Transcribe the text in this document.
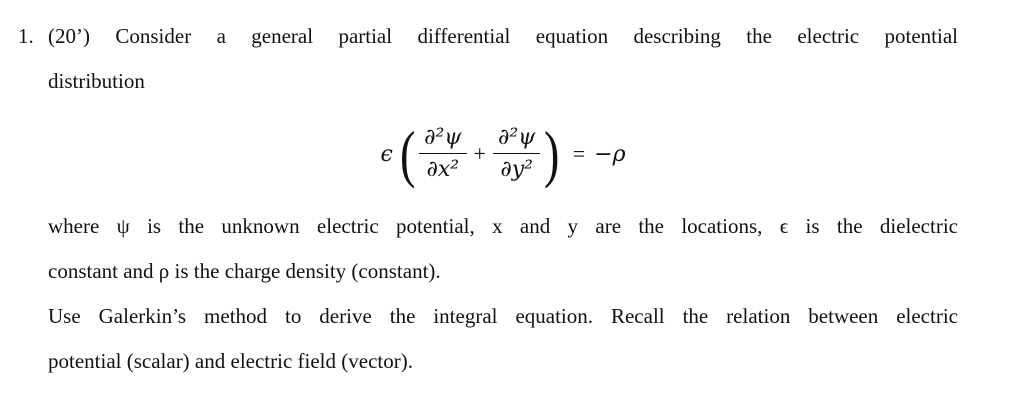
1. (20’) Consider a general partial differential equation describing the electric potential
distribution
ϵ ( $\frac{\text{∂²ψ}}{\text{∂x²}} + \frac{\text{∂²ψ}}{\text{∂y²}}$ ) = −ρ
where ψ is the unknown electric potential, x and y are the locations, ϵ is the dielectric
constant and ρ is the charge density (constant).
Use Galerkin’s method to derive the integral equation. Recall the relation between electric
potential (scalar) and electric field (vector).
